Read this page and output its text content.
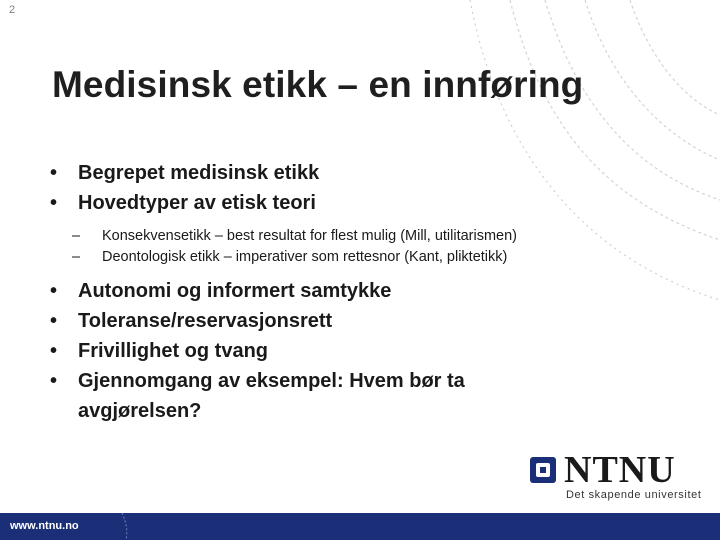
2
Medisinsk etikk – en innføring
• Begrepet medisinsk etikk
• Hovedtyper av etisk teori
– Konsekvensetikk – best resultat for flest mulig (Mill, utilitarismen)
– Deontologisk etikk – imperativer som rettesnor (Kant, pliktetikk)
• Autonomi og informert samtykke
• Toleranse/reservasjonsrett
• Frivillighet og tvang
• Gjennomgang av eksempel: Hvem bør ta avgjørelsen?
NTNU
Det skapende universitet
www.ntnu.no
